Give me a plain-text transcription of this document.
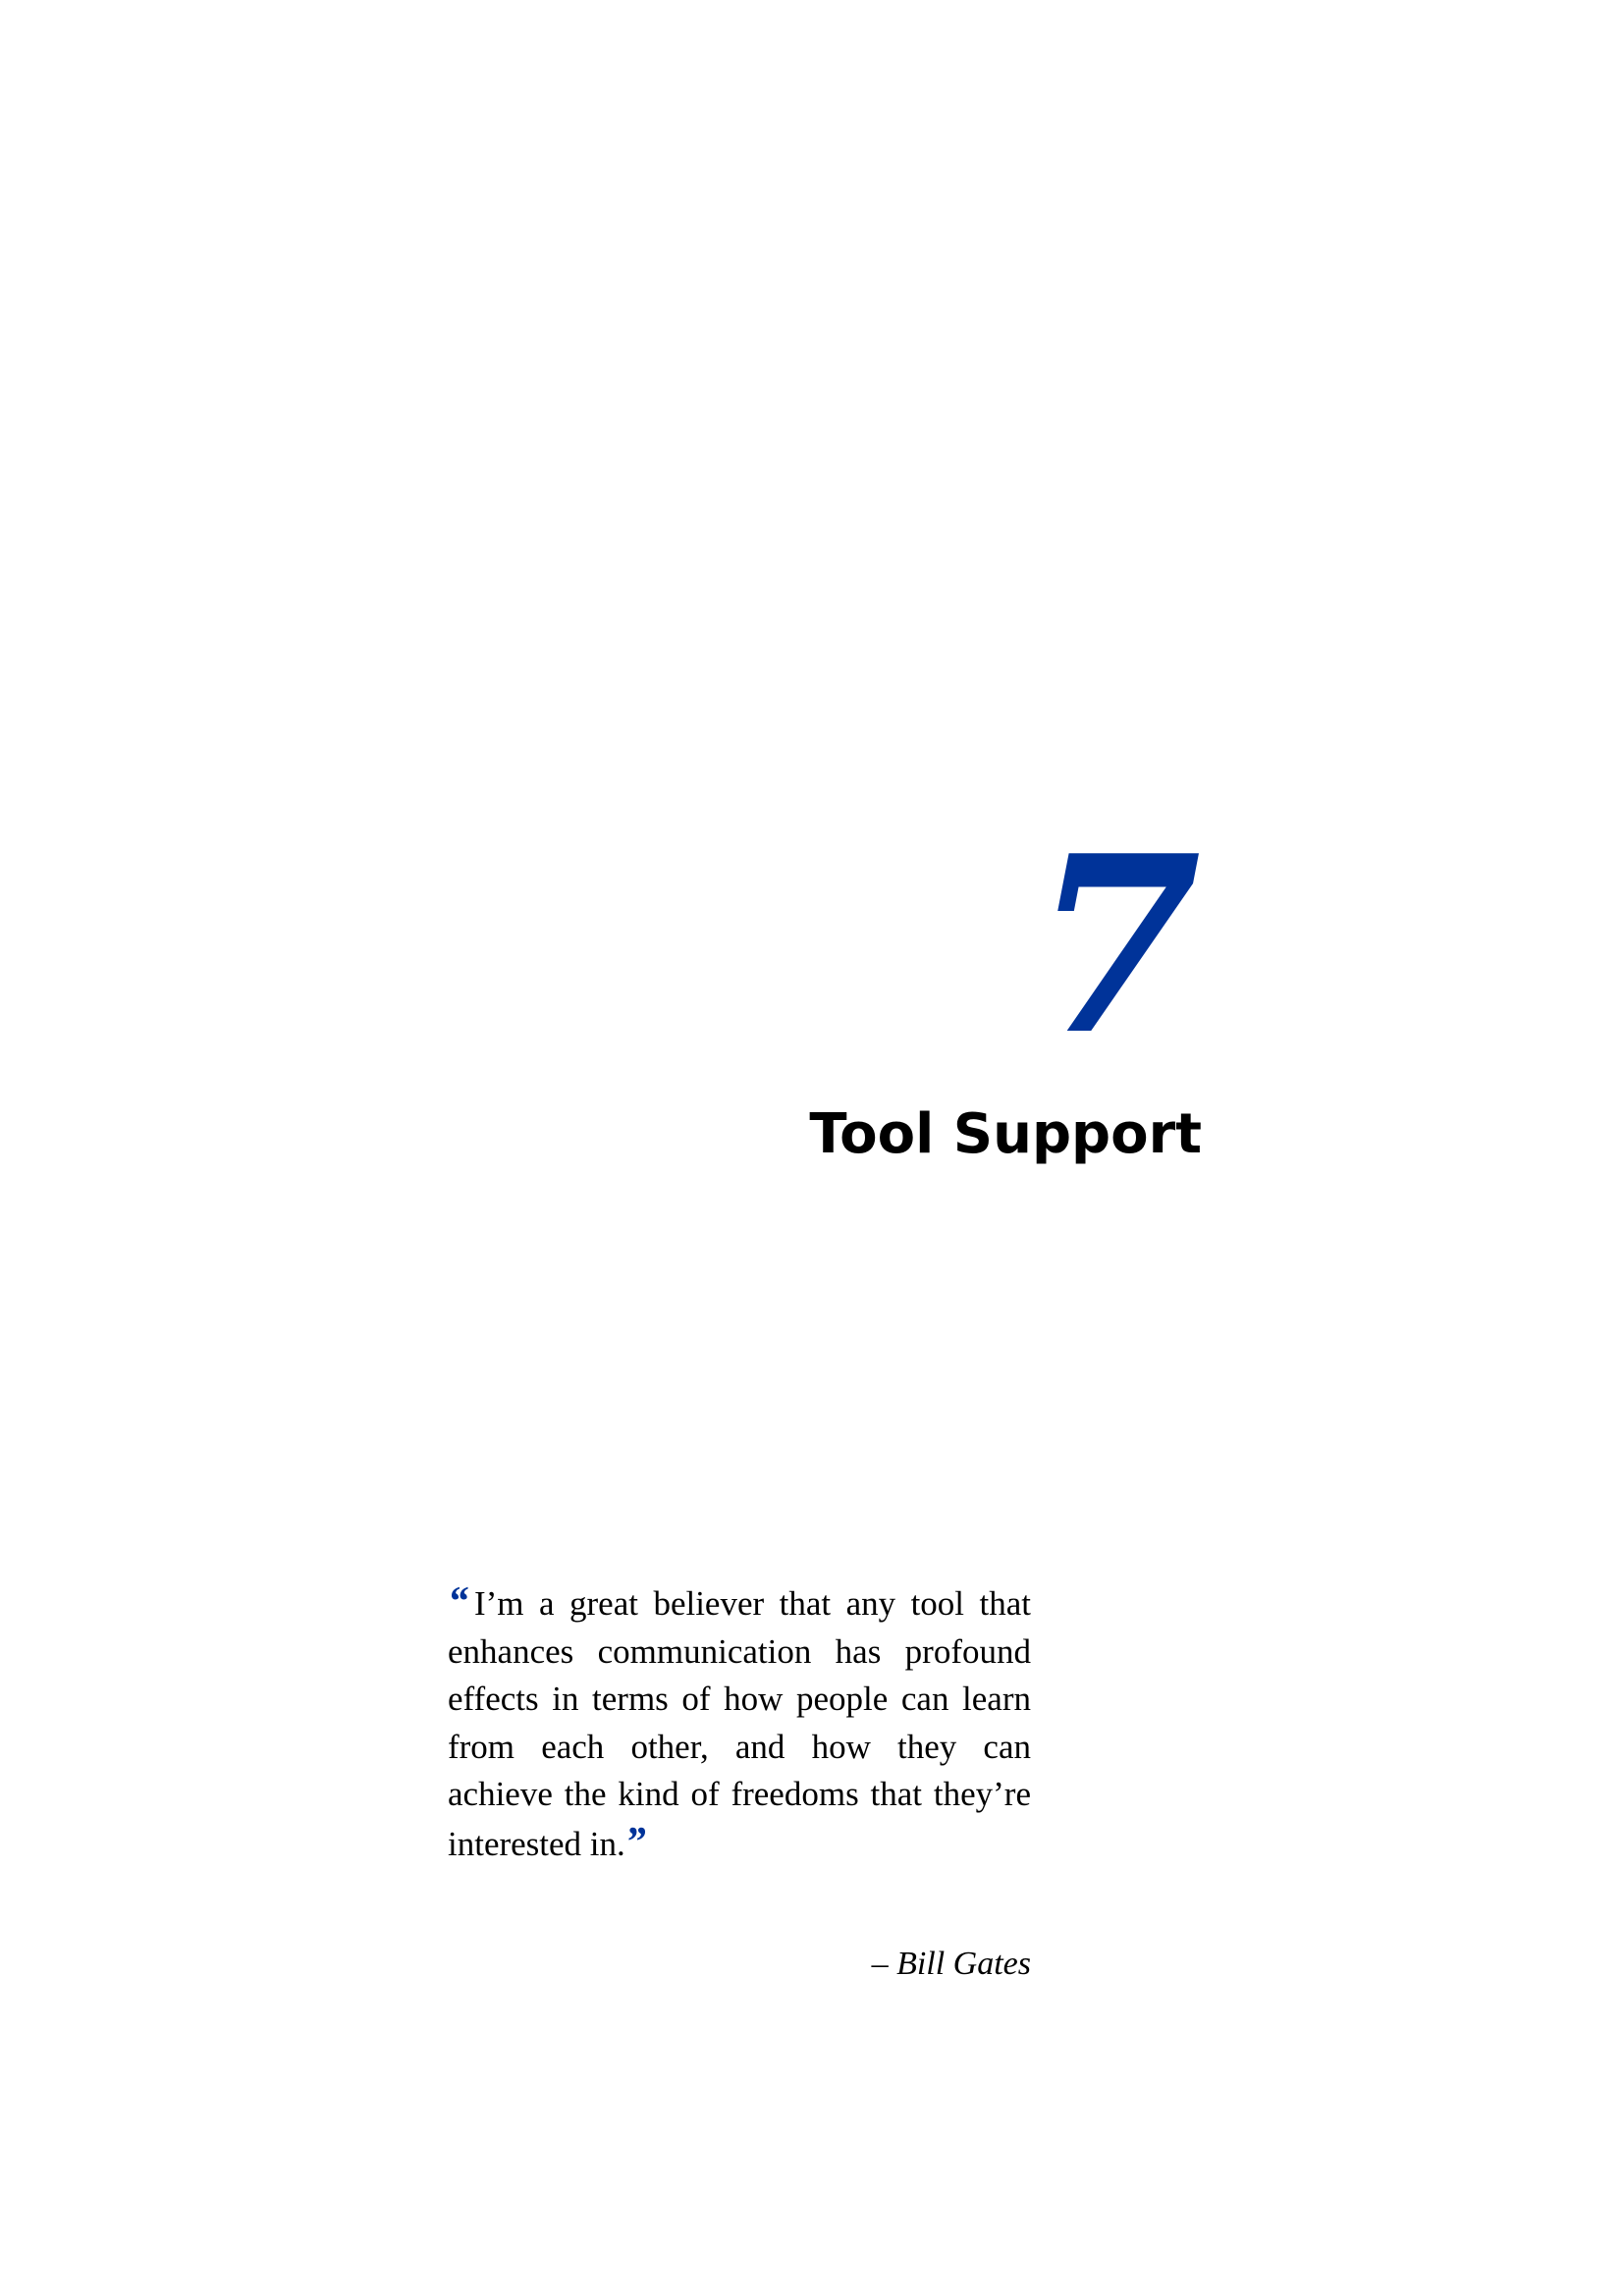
7
Tool Support

“ I’m a great believer that any tool that enhances communication has profound effects in terms of how people can learn from each other, and how they can achieve the kind of freedoms that they’re interested in.”

– Bill Gates
